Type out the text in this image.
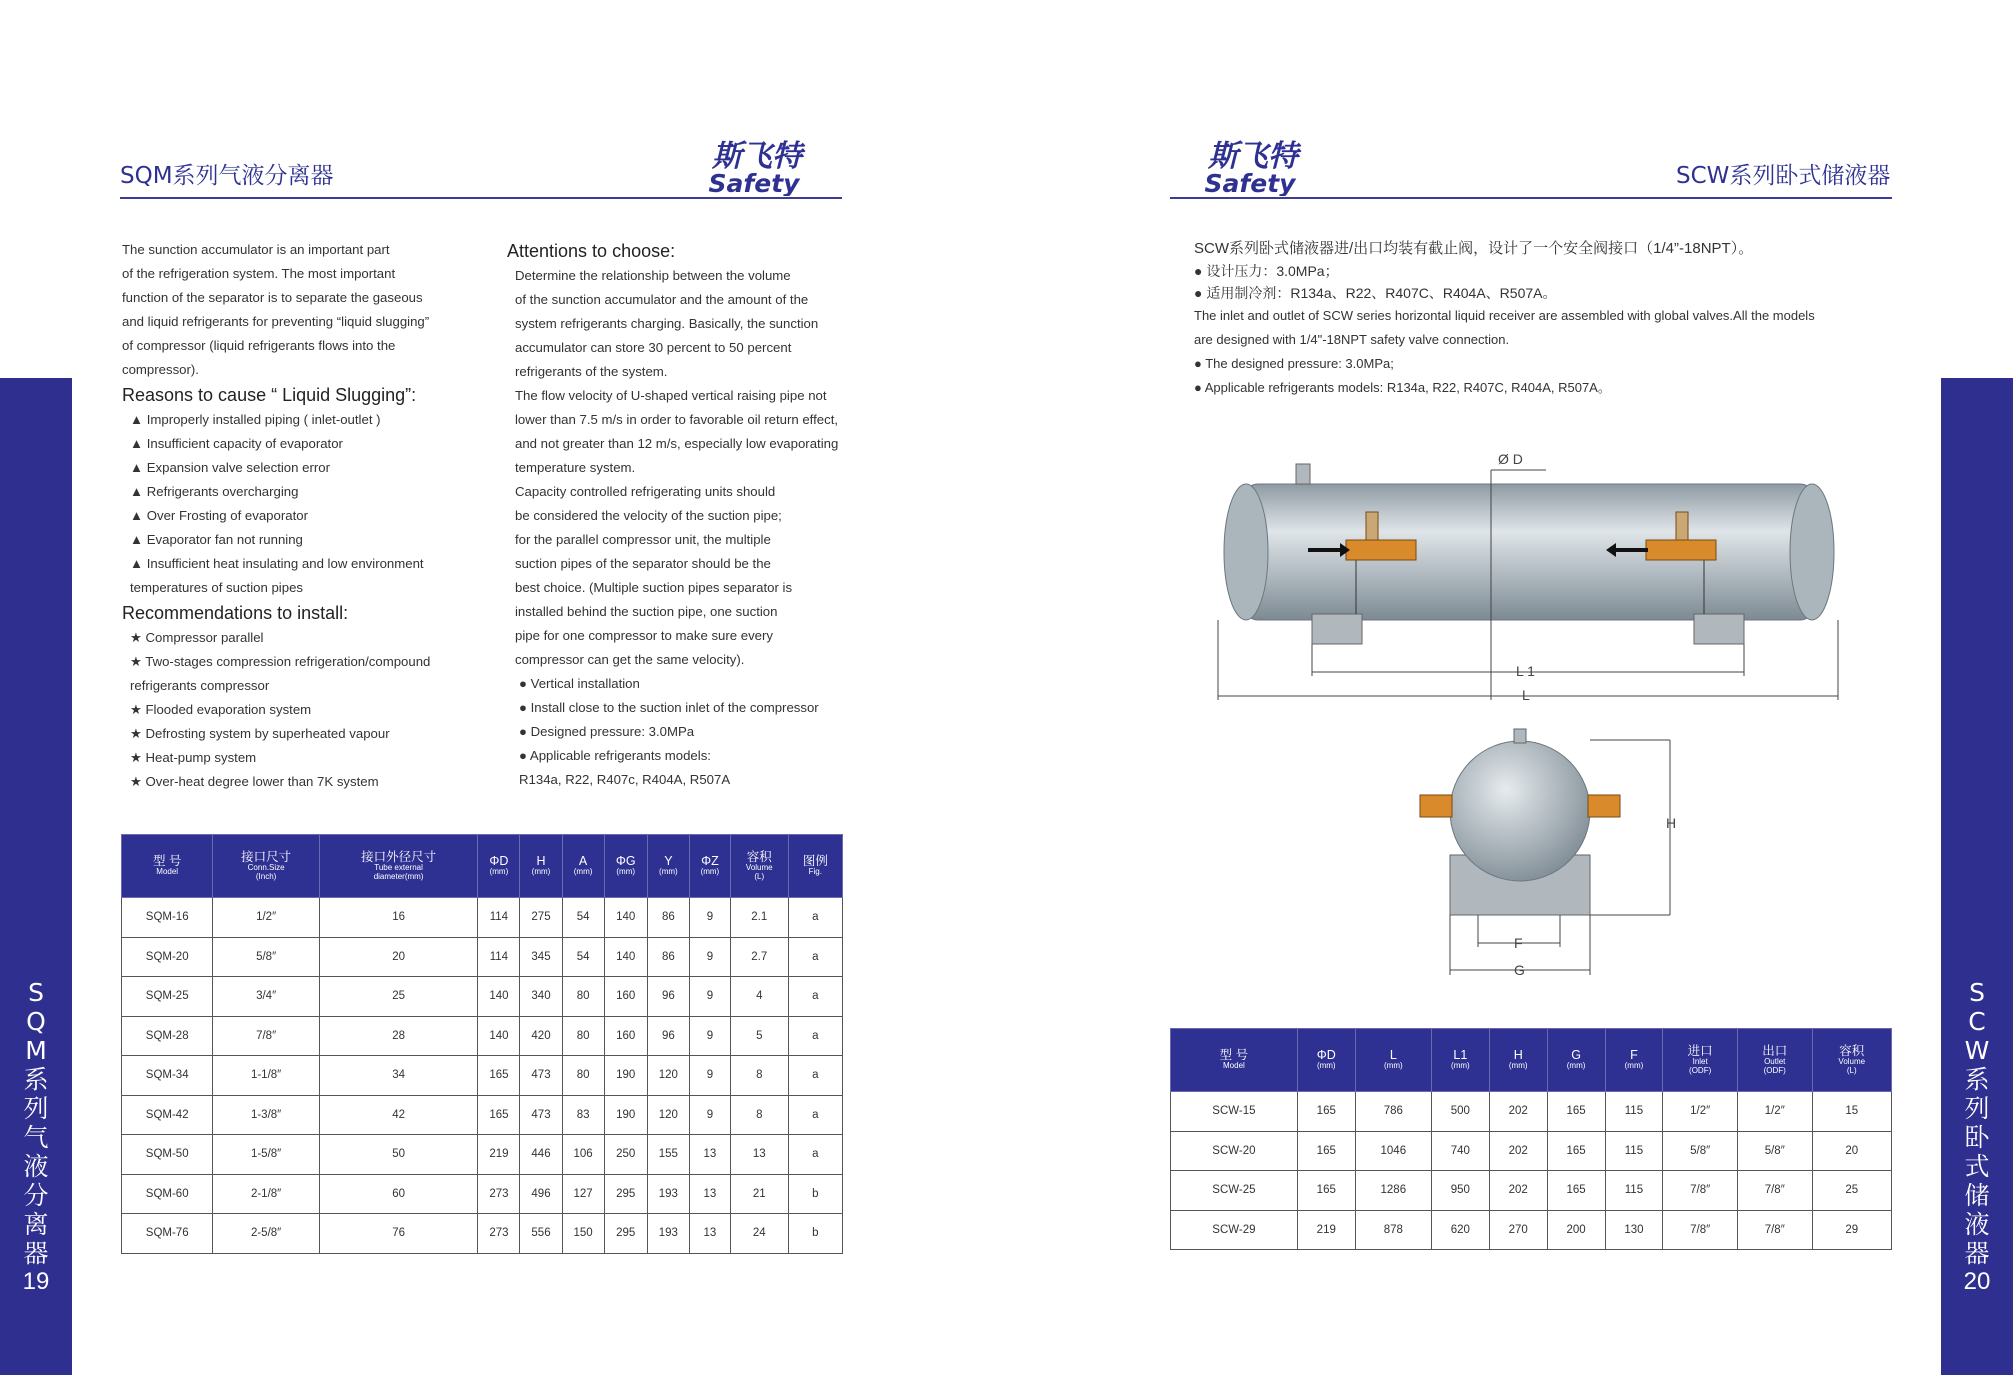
SQM系列气液分离器
斯飞特
Safety

The sunction accumulator is an important part

of the refrigeration system. The most important

function of the separator is to separate the gaseous

and liquid refrigerants for preventing “liquid slugging”

of compressor (liquid refrigerants flows into the

compressor).

Reasons to cause “ Liquid Slugging”:

▲ Improperly installed piping ( inlet-outlet )

▲ Insufficient capacity of evaporator

▲ Expansion valve selection error

▲ Refrigerants overcharging

▲ Over Frosting of evaporator

▲ Evaporator fan not running

▲ Insufficient heat insulating and low environment

temperatures of suction pipes

Recommendations to install:

★ Compressor parallel

★ Two-stages compression refrigeration/compound

refrigerants compressor

★ Flooded evaporation system

★ Defrosting system by superheated vapour

★ Heat-pump system

★ Over-heat degree lower than 7K system

Attentions to choose:

Determine the relationship between the volume

of the sunction accumulator and the amount of the

system refrigerants charging. Basically, the sunction

accumulator can store 30 percent to 50 percent

refrigerants of the system.

The flow velocity of U-shaped vertical raising pipe not

lower than 7.5 m/s in order to favorable oil return effect,

and not greater than 12 m/s, especially low evaporating

temperature system.

Capacity controlled refrigerating units should

be considered the velocity of the suction pipe;

for the parallel compressor unit, the multiple

suction pipes of the separator should be the

best choice. (Multiple suction pipes separator is

installed behind the suction pipe, one suction

pipe for one compressor to make sure every

compressor can get the same velocity).

● Vertical installation

● Install close to the suction inlet of the compressor

● Designed pressure: 3.0MPa

● Applicable refrigerants models:

R134a, R22, R407c, R404A, R507A

型 号
Model	接口尺寸
Conn.Size
(Inch)	接口外径尺寸
Tube external
diameter(mm)	ΦD
(mm)	H
(mm)	A
(mm)	ΦG
(mm)	Y
(mm)	ΦZ
(mm)	容积
Volume
(L)	图例
Fig.

SQM-16	1/2″	16	114	275	54	140	86	9	2.1	a
SQM-20	5/8″	20	114	345	54	140	86	9	2.7	a
SQM-25	3/4″	25	140	340	80	160	96	9	4	a
SQM-28	7/8″	28	140	420	80	160	96	9	5	a
SQM-34	1-1/8″	34	165	473	80	190	120	9	8	a
SQM-42	1-3/8″	42	165	473	83	190	120	9	8	a
SQM-50	1-5/8″	50	219	446	106	250	155	13	13	a
SQM-60	2-1/8″	60	273	496	127	295	193	13	21	b
SQM-76	2-5/8″	76	273	556	150	295	193	13	24	b
S
Q
M
系
列
气
液
分
离
器
19
斯飞特
Safety	SCW系列卧式储液器
SCW系列卧式储液器进/出口均装有截止阀，设计了一个安全阀接口（1/4”-18NPT）。
● 设计压力：3.0MPa；
● 适用制冷剂：R134a、R22、R407C、R404A、R507A。
The inlet and outlet of SCW series horizontal liquid receiver are assembled with global valves.All the models
are designed with 1/4"-18NPT safety valve connection.
● The designed pressure: 3.0MPa;
● Applicable refrigerants models: R134a, R22, R407C, R404A, R507A。
Ø D
L 1
L
H
F
G
型 号
Model	ΦD
(mm)	L
(mm)	L1
(mm)	H
(mm)	G
(mm)	F
(mm)	进口
Inlet
(ODF)	出口
Outlet
(ODF)	容积
Volume
(L)

SCW-15	165	786	500	202	165	115	1/2″	1/2″	15
SCW-20	165	1046	740	202	165	115	5/8″	5/8″	20
SCW-25	165	1286	950	202	165	115	7/8″	7/8″	25
SCW-29	219	878	620	270	200	130	7/8″	7/8″	29
S
C
W
系
列
卧
式
储
液
器
20
